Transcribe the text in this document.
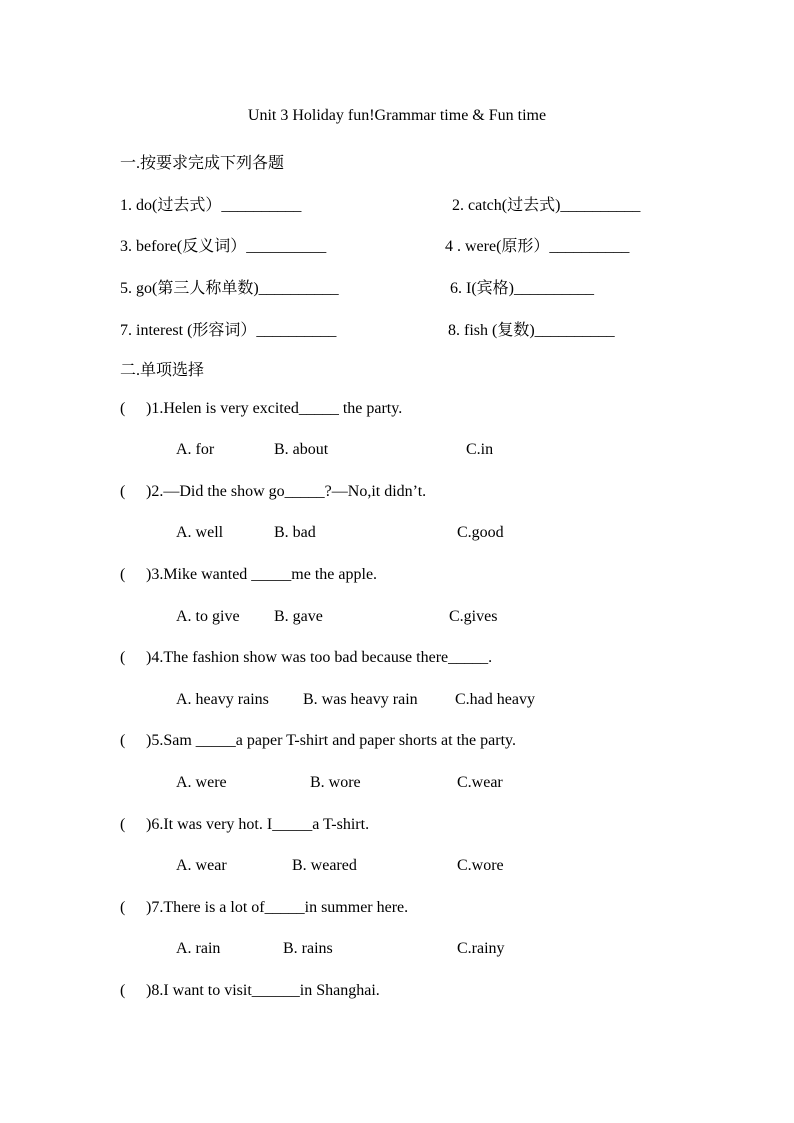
Unit 3 Holiday fun!Grammar time & Fun time
一.按要求完成下列各题
1. do(过去式）__________	2. catch(过去式)__________
3. before(反义词）__________	4 . were(原形）__________
5. go(第三人称单数)__________	6. I(宾格)__________
7. interest (形容词）__________	8. fish (复数)__________
二.单项选择
( )1.Helen is very excited_____ the party.
A. for	B. about	C.in
( )2.—Did the show go_____?—No,it didn’t.
A. well	B. bad	C.good
( )3.Mike wanted _____me the apple.
A. to give B. gave	C.gives
( )4.The fashion show was too bad because there_____.
A. heavy rains B. was heavy rain C.had heavy
( )5.Sam _____a paper T-shirt and paper shorts at the party.
A. were	B. wore	C.wear
( )6.It was very hot. I_____a T-shirt.
A. wear	B. weared	C.wore
( )7.There is a lot of_____in summer here.
A. rain	B. rains	C.rainy
( )8.I want to visit______in Shanghai.
